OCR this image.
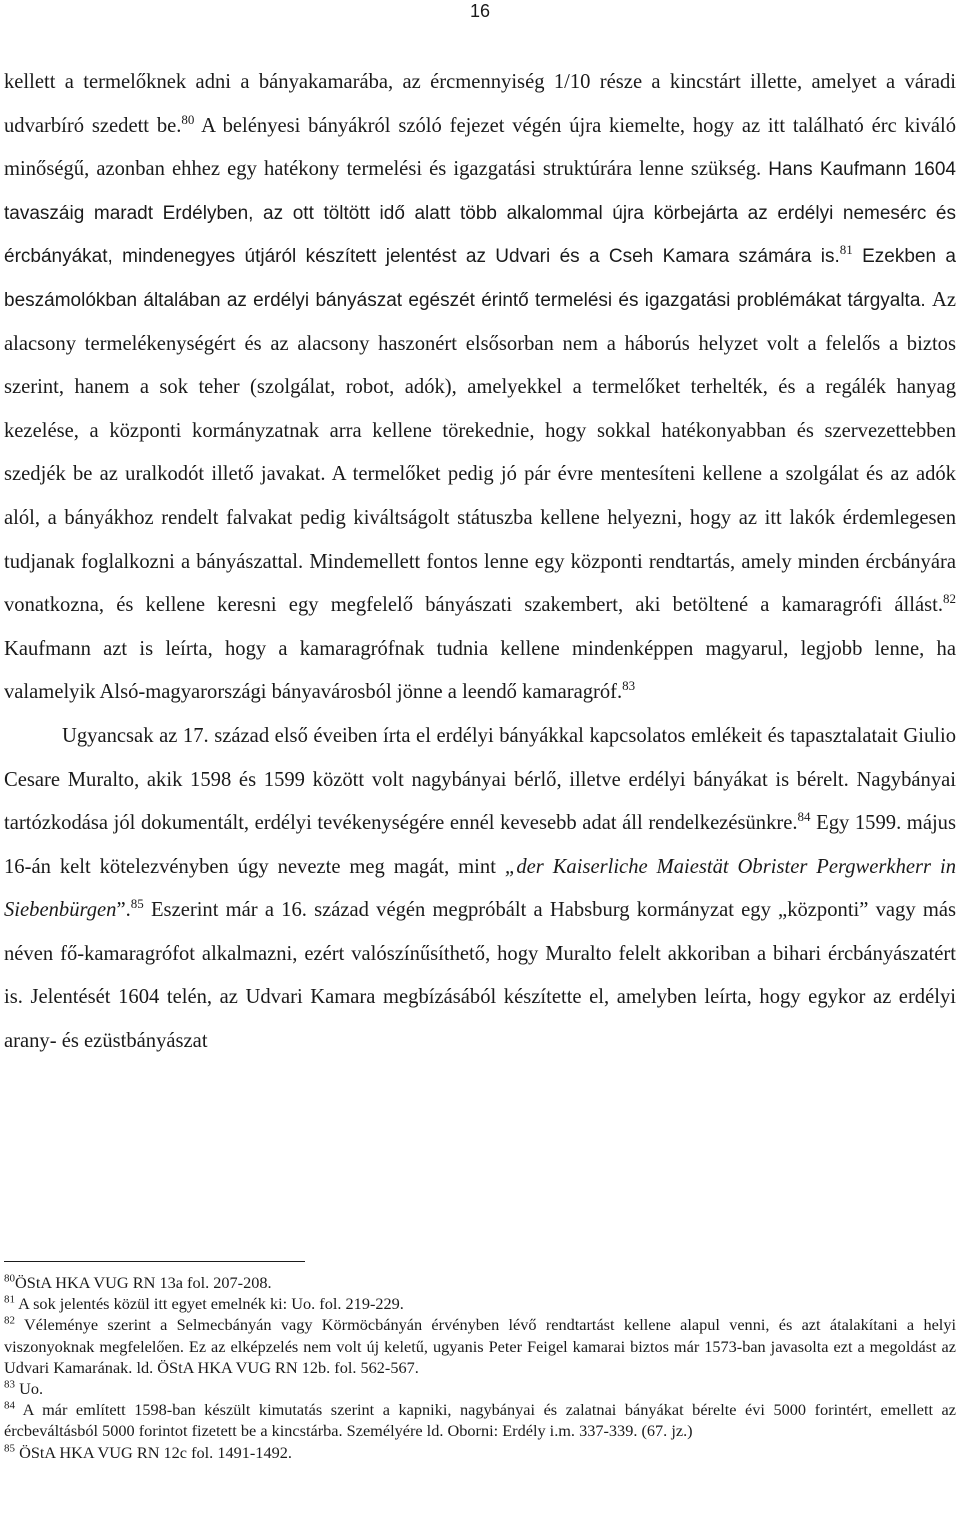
16

kellett a termelőknek adni a bányakamarába, az ércmennyiség 1/10 része a kincstárt illette, amelyet a váradi udvarbíró szedett be.$^{80}$ A belényesi bányákról szóló fejezet végén újra kiemelte, hogy az itt található érc kiváló minőségű, azonban ehhez egy hatékony termelési és igazgatási struktúrára lenne szükség. Hans Kaufmann 1604 tavaszáig maradt Erdélyben, az ott töltött idő alatt több alkalommal újra körbejárta az erdélyi nemesérc és ércbányákat, mindenegyes útjáról készített jelentést az Udvari és a Cseh Kamara számára is.$^{81}$ Ezekben a beszámolókban általában az erdélyi bányászat egészét érintő termelési és igazgatási problémákat tárgyalta. Az alacsony termelékenységért és az alacsony haszonért elsősorban nem a háborús helyzet volt a felelős a biztos szerint, hanem a sok teher (szolgálat, robot, adók), amelyekkel a termelőket terhelték, és a regálék hanyag kezelése, a központi kormányzatnak arra kellene törekednie, hogy sokkal hatékonyabban és szervezettebben szedjék be az uralkodót illető javakat. A termelőket pedig jó pár évre mentesíteni kellene a szolgálat és az adók alól, a bányákhoz rendelt falvakat pedig kiváltságolt státuszba kellene helyezni, hogy az itt lakók érdemlegesen tudjanak foglalkozni a bányászattal. Mindemellett fontos lenne egy központi rendtartás, amely minden ércbányára vonatkozna, és kellene keresni egy megfelelő bányászati szakembert, aki betöltené a kamaragrófi állást.$^{82}$ Kaufmann azt is leírta, hogy a kamaragrófnak tudnia kellene mindenképpen magyarul, legjobb lenne, ha valamelyik Alsó-magyarországi bányavárosból jönne a leendő kamaragróf.$^{83}$

Ugyancsak az 17. század első éveiben írta el erdélyi bányákkal kapcsolatos emlékeit és tapasztalatait Giulio Cesare Muralto, akik 1598 és 1599 között volt nagybányai bérlő, illetve erdélyi bányákat is bérelt. Nagybányai tartózkodása jól dokumentált, erdélyi tevékenységére ennél kevesebb adat áll rendelkezésünkre.$^{84}$ Egy 1599. május 16-án kelt kötelezvényben úgy nevezte meg magát, mint „der Kaiserliche Maiestät Obrister Pergwerkherr in Siebenbürgen”.$^{85}$ Eszerint már a 16. század végén megpróbált a Habsburg kormányzat egy „központi” vagy más néven fő-kamaragrófot alkalmazni, ezért valószínűsíthető, hogy Muralto felelt akkoriban a bihari ércbányászatért is. Jelentését 1604 telén, az Udvari Kamara megbízásából készítette el, amelyben leírta, hogy egykor az erdélyi arany- és ezüstbányászat

$^{80}$ÖStA HKA VUG RN 13a fol. 207-208.

$^{81}$ A sok jelentés közül itt egyet emelnék ki: Uo. fol. 219-229.

$^{82}$ Véleménye szerint a Selmecbányán vagy Körmöcbányán érvényben lévő rendtartást kellene alapul venni, és azt átalakítani a helyi viszonyoknak megfelelően. Ez az elképzelés nem volt új keletű, ugyanis Peter Feigel kamarai biztos már 1573-ban javasolta ezt a megoldást az Udvari Kamarának. ld. ÖStA HKA VUG RN 12b. fol. 562-567.

$^{83}$ Uo.

$^{84}$ A már említett 1598-ban készült kimutatás szerint a kapniki, nagybányai és zalatnai bányákat bérelte évi 5000 forintért, emellett az ércbeváltásból 5000 forintot fizetett be a kincstárba. Személyére ld. Oborni: Erdély i.m. 337-339. (67. jz.)

$^{85}$ ÖStA HKA VUG RN 12c fol. 1491-1492.
